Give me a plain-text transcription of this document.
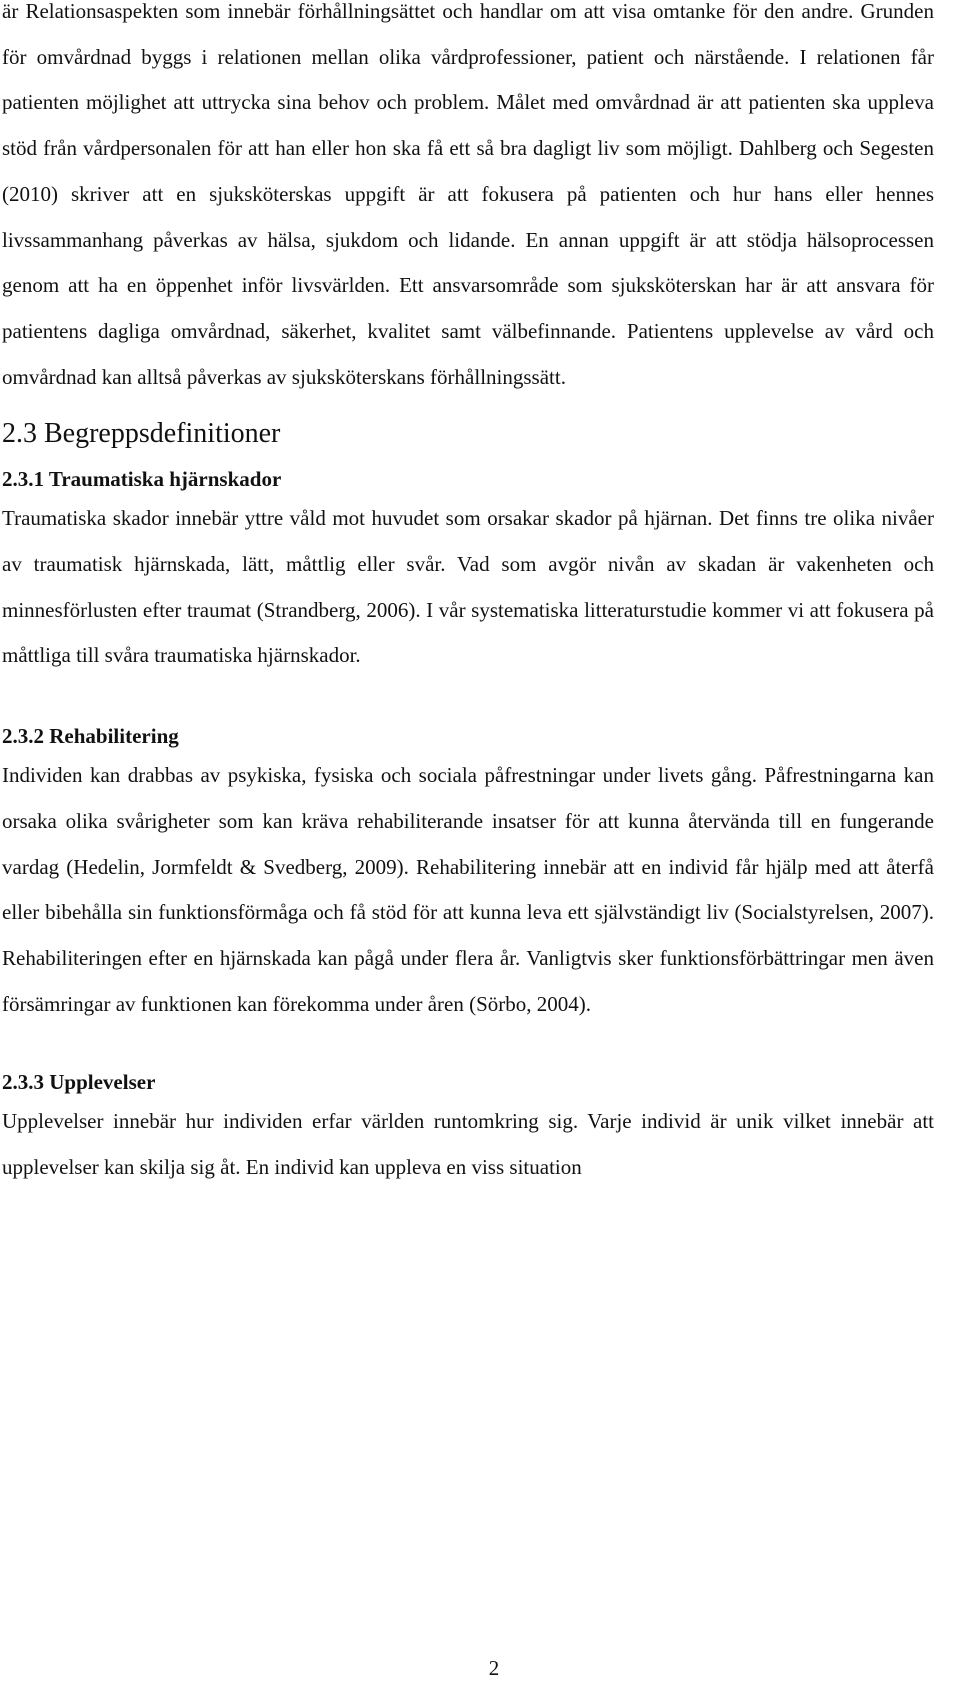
är Relationsaspekten som innebär förhållningsättet och handlar om att visa omtanke för den andre. Grunden för omvårdnad byggs i relationen mellan olika vårdprofessioner, patient och närstående. I relationen får patienten möjlighet att uttrycka sina behov och problem. Målet med omvårdnad är att patienten ska uppleva stöd från vårdpersonalen för att han eller hon ska få ett så bra dagligt liv som möjligt. Dahlberg och Segesten (2010) skriver att en sjuksköterskas uppgift är att fokusera på patienten och hur hans eller hennes livssammanhang påverkas av hälsa, sjukdom och lidande. En annan uppgift är att stödja hälsoprocessen genom att ha en öppenhet inför livsvärlden. Ett ansvarsområde som sjuksköterskan har är att ansvara för patientens dagliga omvårdnad, säkerhet, kvalitet samt välbefinnande. Patientens upplevelse av vård och omvårdnad kan alltså påverkas av sjuksköterskans förhållningssätt.

2.3 Begreppsdefinitioner
2.3.1 Traumatiska hjärnskador

Traumatiska skador innebär yttre våld mot huvudet som orsakar skador på hjärnan. Det finns tre olika nivåer av traumatisk hjärnskada, lätt, måttlig eller svår. Vad som avgör nivån av skadan är vakenheten och minnesförlusten efter traumat (Strandberg, 2006). I vår systematiska litteraturstudie kommer vi att fokusera på måttliga till svåra traumatiska hjärnskador.

2.3.2 Rehabilitering

Individen kan drabbas av psykiska, fysiska och sociala påfrestningar under livets gång. Påfrestningarna kan orsaka olika svårigheter som kan kräva rehabiliterande insatser för att kunna återvända till en fungerande vardag (Hedelin, Jormfeldt & Svedberg, 2009). Rehabilitering innebär att en individ får hjälp med att återfå eller bibehålla sin funktionsförmåga och få stöd för att kunna leva ett självständigt liv (Socialstyrelsen, 2007). Rehabiliteringen efter en hjärnskada kan pågå under flera år. Vanligtvis sker funktionsförbättringar men även försämringar av funktionen kan förekomma under åren (Sörbo, 2004).

2.3.3 Upplevelser

Upplevelser innebär hur individen erfar världen runtomkring sig. Varje individ är unik vilket innebär att upplevelser kan skilja sig åt. En individ kan uppleva en viss situation

2
